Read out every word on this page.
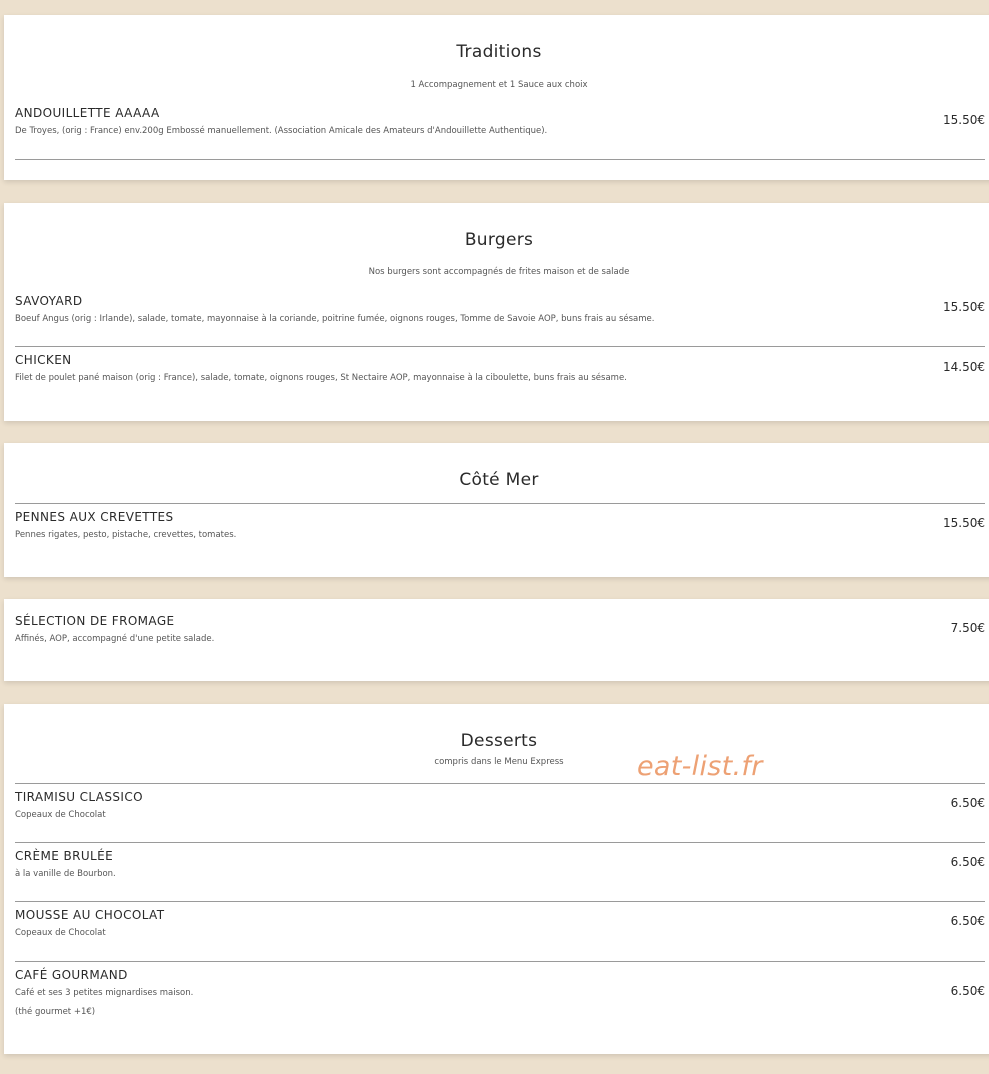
Traditions
1 Accompagnement et 1 Sauce aux choix
ANDOUILLETTE AAAAA
De Troyes, (orig : France) env.200g Embossé manuellement. (Association Amicale des Amateurs d'Andouillette Authentique).
15.50€
Burgers
Nos burgers sont accompagnés de frites maison et de salade
SAVOYARD
Boeuf Angus (orig : Irlande), salade, tomate, mayonnaise à la coriande, poitrine fumée, oignons rouges, Tomme de Savoie AOP, buns frais au sésame.
15.50€
CHICKEN
Filet de poulet pané maison (orig : France), salade, tomate, oignons rouges, St Nectaire AOP, mayonnaise à la ciboulette, buns frais au sésame.
14.50€
Côté Mer
PENNES AUX CREVETTES
Pennes rigates, pesto, pistache, crevettes, tomates.
15.50€
SÉLECTION DE FROMAGE
Affinés, AOP, accompagné d'une petite salade.
7.50€
Desserts
compris dans le Menu Express
TIRAMISU CLASSICO
Copeaux de Chocolat
6.50€
CRÈME BRULÉE
à la vanille de Bourbon.
6.50€
MOUSSE AU CHOCOLAT
Copeaux de Chocolat
6.50€
CAFÉ GOURMAND
Café et ses 3 petites mignardises maison.
(thé gourmet +1€)
6.50€
eat-list.fr
